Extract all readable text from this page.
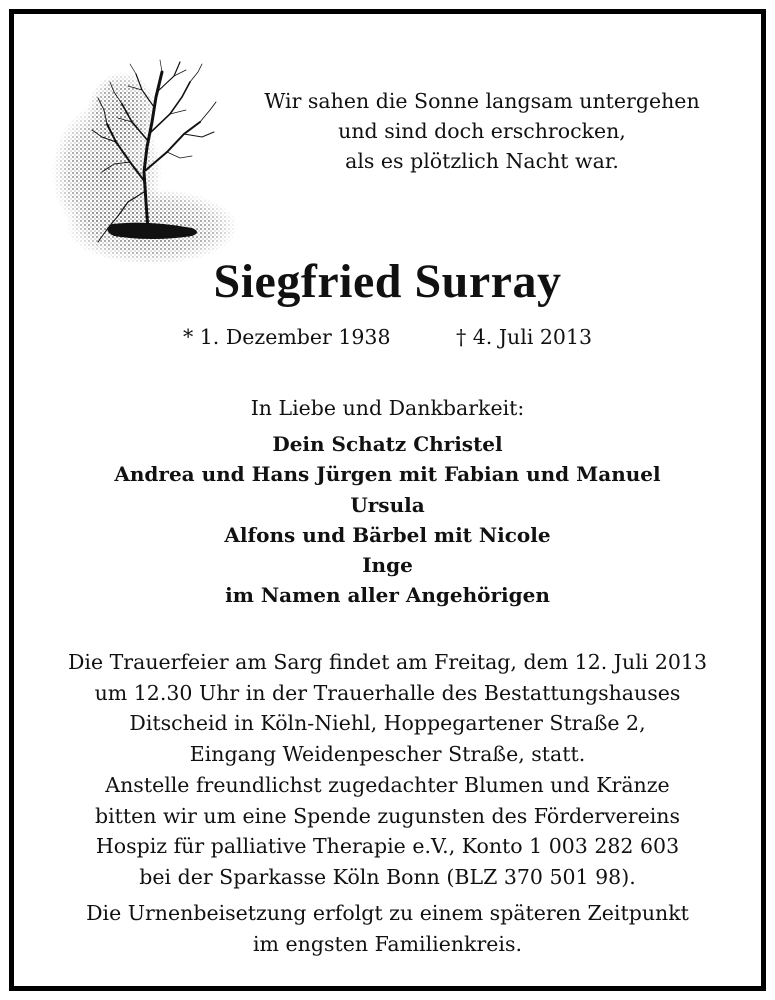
Wir sahen die Sonne langsam untergehen
und sind doch erschrocken,
als es plötzlich Nacht war.
Siegfried Surray
* 1. Dezember 1938	† 4. Juli 2013
In Liebe und Dankbarkeit:
Dein Schatz Christel
Andrea und Hans Jürgen mit Fabian und Manuel
Ursula
Alfons und Bärbel mit Nicole
Inge
im Namen aller Angehörigen
Die Trauerfeier am Sarg findet am Freitag, dem 12. Juli 2013
um 12.30 Uhr in der Trauerhalle des Bestattungshauses
Ditscheid in Köln-Niehl, Hoppegartener Straße 2,
Eingang Weidenpescher Straße, statt.
Anstelle freundlichst zugedachter Blumen und Kränze
bitten wir um eine Spende zugunsten des Fördervereins
Hospiz für palliative Therapie e.V., Konto 1 003 282 603
bei der Sparkasse Köln Bonn (BLZ 370 501 98).
Die Urnenbeisetzung erfolgt zu einem späteren Zeitpunkt
im engsten Familienkreis.
